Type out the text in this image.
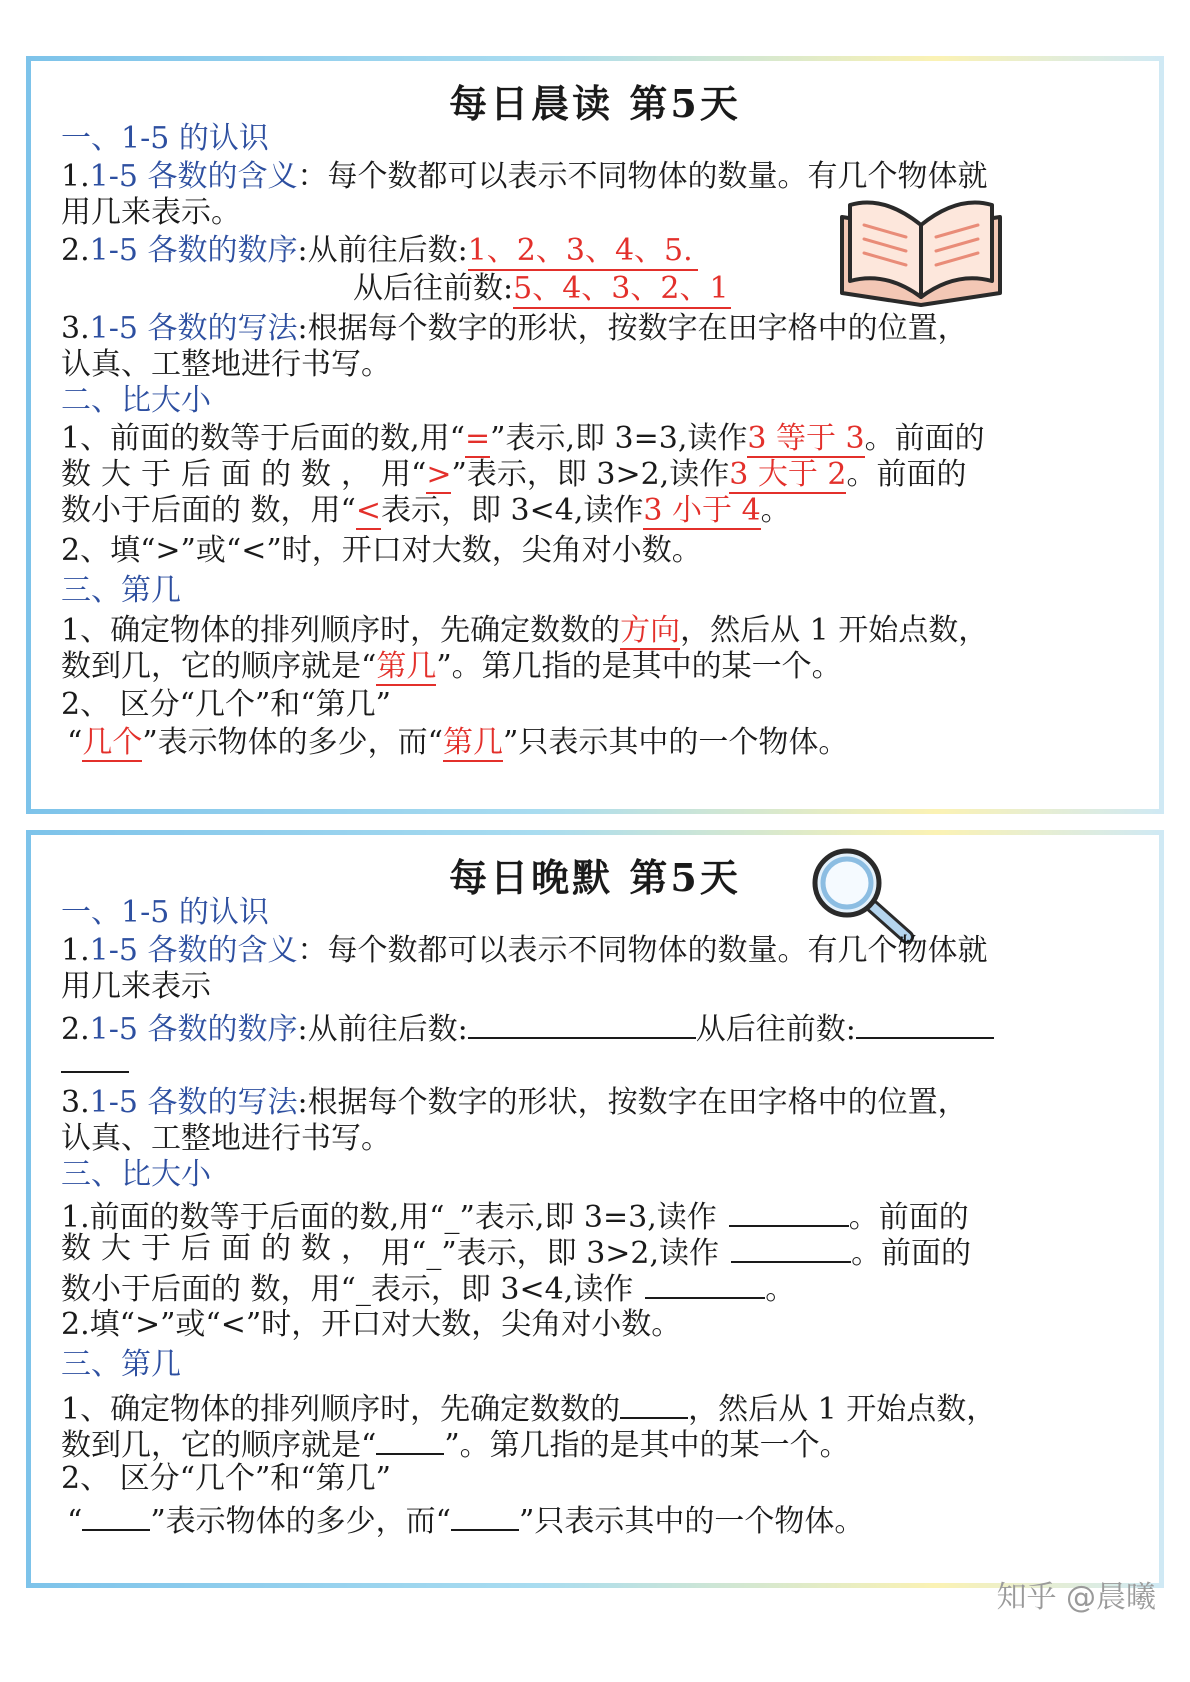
每日晨读 第5天
一、1-5 的认识
1.1-5 各数的含义：每个数都可以表示不同物体的数量。有几个物体就
用几来表示。
2.1-5 各数的数序:从前往后数:1、2、3、4、5.
从后往前数:5、4、3、2、1
3.1-5 各数的写法:根据每个数字的形状，按数字在田字格中的位置，
认真、工整地进行书写。
二、比大小
1、前面的数等于后面的数,用“=”表示,即 3=3,读作3 等于 3。前面的
数 大 于 后 面 的 数 ， 用“>”表示，即 3>2,读作3 大于 2。前面的
数小于后面的 数，用“<表示，即 3<4,读作3 小于 4。
2、填“>”或“<”时，开口对大数，尖角对小数。
三、第几
1、确定物体的排列顺序时，先确定数数的方向，然后从 1 开始点数，
数到几，它的顺序就是“第几”。第几指的是其中的某一个。
2、 区分“几个”和“第几”
“几个”表示物体的多少，而“第几”只表示其中的一个物体。
每日晚默 第5天
一、1-5 的认识
1.1-5 各数的含义：每个数都可以表示不同物体的数量。有几个物体就
用几来表示
2.1-5 各数的数序:从前往后数:	从后往前数:
3.1-5 各数的写法:根据每个数字的形状，按数字在田字格中的位置，
认真、工整地进行书写。
三、比大小
1.前面的数等于后面的数,用“_”表示,即 3=3,读作	。前面的
数 大 于 后 面 的 数 ， 用“_”表示，即 3>2,读作	。前面的
数小于后面的 数，用“_表示，即 3<4,读作	。
2.填“>”或“<”时，开口对大数，尖角对小数。
三、第几
1、确定物体的排列顺序时，先确定数数的 ，然后从 1 开始点数，
数到几，它的顺序就是“ ”。第几指的是其中的某一个。
2、 区分“几个”和“第几”
“ ”表示物体的多少，而“ ”只表示其中的一个物体。
知乎 @晨曦
